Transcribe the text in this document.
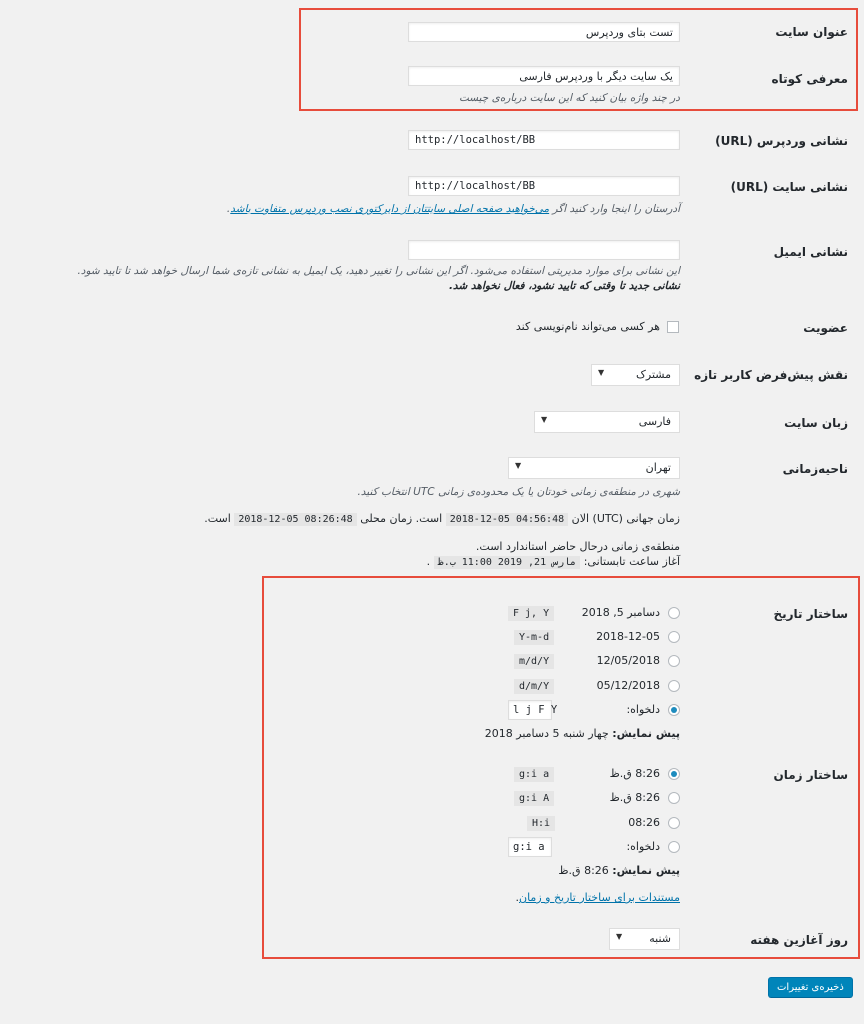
عنوان سایت
تست بتای وردپرس
معرفی کوتاه
یک سایت دیگر با وردپرس فارسی
در چند واژه بیان کنید که این سایت درباره‌ی چیست
نشانی وردپرس (URL)
http://localhost/BB
نشانی سایت (URL)
http://localhost/BB
آدرستان را اینجا وارد کنید اگر می‌خواهید صفحه اصلی سایتتان از دایرکتوری نصب وردپرس متفاوت باشد.
نشانی ایمیل
این نشانی برای موارد مدیریتی استفاده می‌شود. اگر این نشانی را تغییر دهید، یک ایمیل به نشانی تازه‌ی شما ارسال خواهد شد تا تایید شود.
نشانی جدید تا وقتی که تایید نشود، فعال نخواهد شد.
عضویت
هر کسی می‌تواند نام‌نویسی کند
نقش پیش‌فرض کاربر تازه
مشترک
▼
زبان سایت
فارسی
▼
ناحیه‌زمانی
تهران
▼
شهری در منطقه‌ی زمانی خودتان یا یک محدوده‌ی زمانی UTC انتخاب کنید.
زمان جهانی (UTC) الان 2018-12-05 04:56:48 است. زمان محلی 2018-12-05 08:26:48 است.
منطقه‌ی زمانی درحال حاضر استاندارد است.
آغاز ساعت تابستانی: مارس 21, 2019 11:00 ب.ظ .
ساختار تاریخ
دسامبر 5, 2018
F j, Y
2018-12-05
Y-m-d
12/05/2018
m/d/Y
05/12/2018
d/m/Y
دلخواه:
l j F Y
پیش نمایش: چهار شنبه 5 دسامبر 2018
ساختار زمان
8:26 ق.ظ
g:i a
8:26 ق.ظ
g:i A
08:26
H:i
دلخواه:
g:i a
پیش نمایش: 8:26 ق.ظ
مستندات برای ساختار تاریخ و زمان.
روز آغازین هفته
شنبه
▼
ذخیره‌ی تغییرات
